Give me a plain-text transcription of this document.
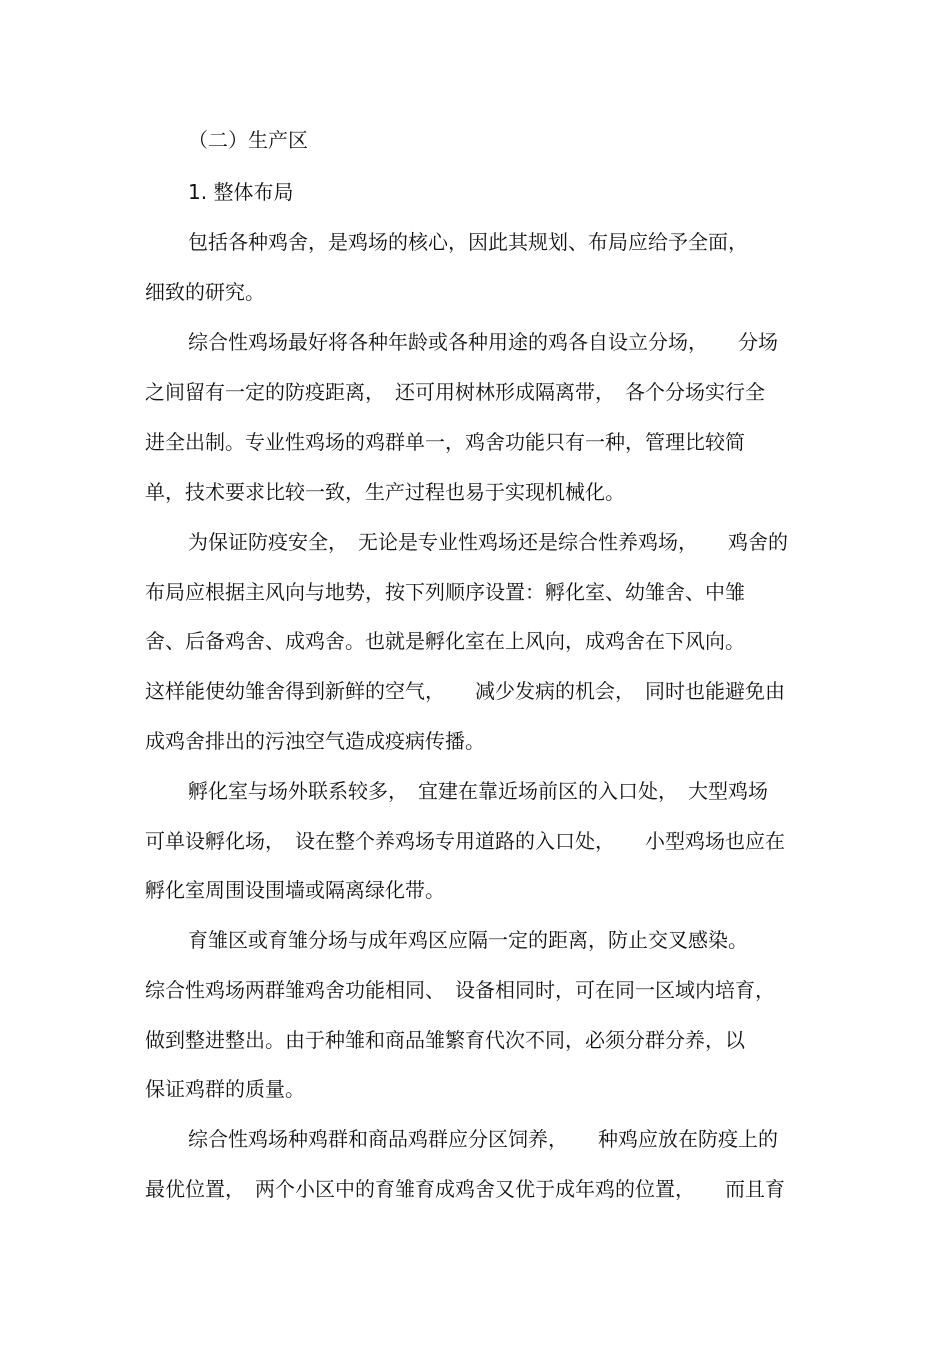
（二）生产区
1. 整体布局
包括各种鸡舍，是鸡场的核心，因此其规划、布局应给予全面，
细致的研究。
综合性鸡场最好将各种年龄或各种用途的鸡各自设立分场，　　分场
之间留有一定的防疫距离，　还可用树林形成隔离带，　各个分场实行全
进全出制。专业性鸡场的鸡群单一，鸡舍功能只有一种，管理比较简
单，技术要求比较一致，生产过程也易于实现机械化。
为保证防疫安全，　无论是专业性鸡场还是综合性养鸡场，　　鸡舍的
布局应根据主风向与地势，按下列顺序设置：孵化室、幼雏舍、中雏
舍、后备鸡舍、成鸡舍。也就是孵化室在上风向，成鸡舍在下风向。
这样能使幼雏舍得到新鲜的空气，　　减少发病的机会，　同时也能避免由
成鸡舍排出的污浊空气造成疫病传播。
孵化室与场外联系较多，　宜建在靠近场前区的入口处，　大型鸡场
可单设孵化场，　设在整个养鸡场专用道路的入口处，　　小型鸡场也应在
孵化室周围设围墙或隔离绿化带。
育雏区或育雏分场与成年鸡区应隔一定的距离，防止交叉感染。
综合性鸡场两群雏鸡舍功能相同、　设备相同时，可在同一区域内培育，
做到整进整出。由于种雏和商品雏繁育代次不同，必须分群分养，以
保证鸡群的质量。
综合性鸡场种鸡群和商品鸡群应分区饲养，　　种鸡应放在防疫上的
最优位置，　两个小区中的育雏育成鸡舍又优于成年鸡的位置，　　而且育
